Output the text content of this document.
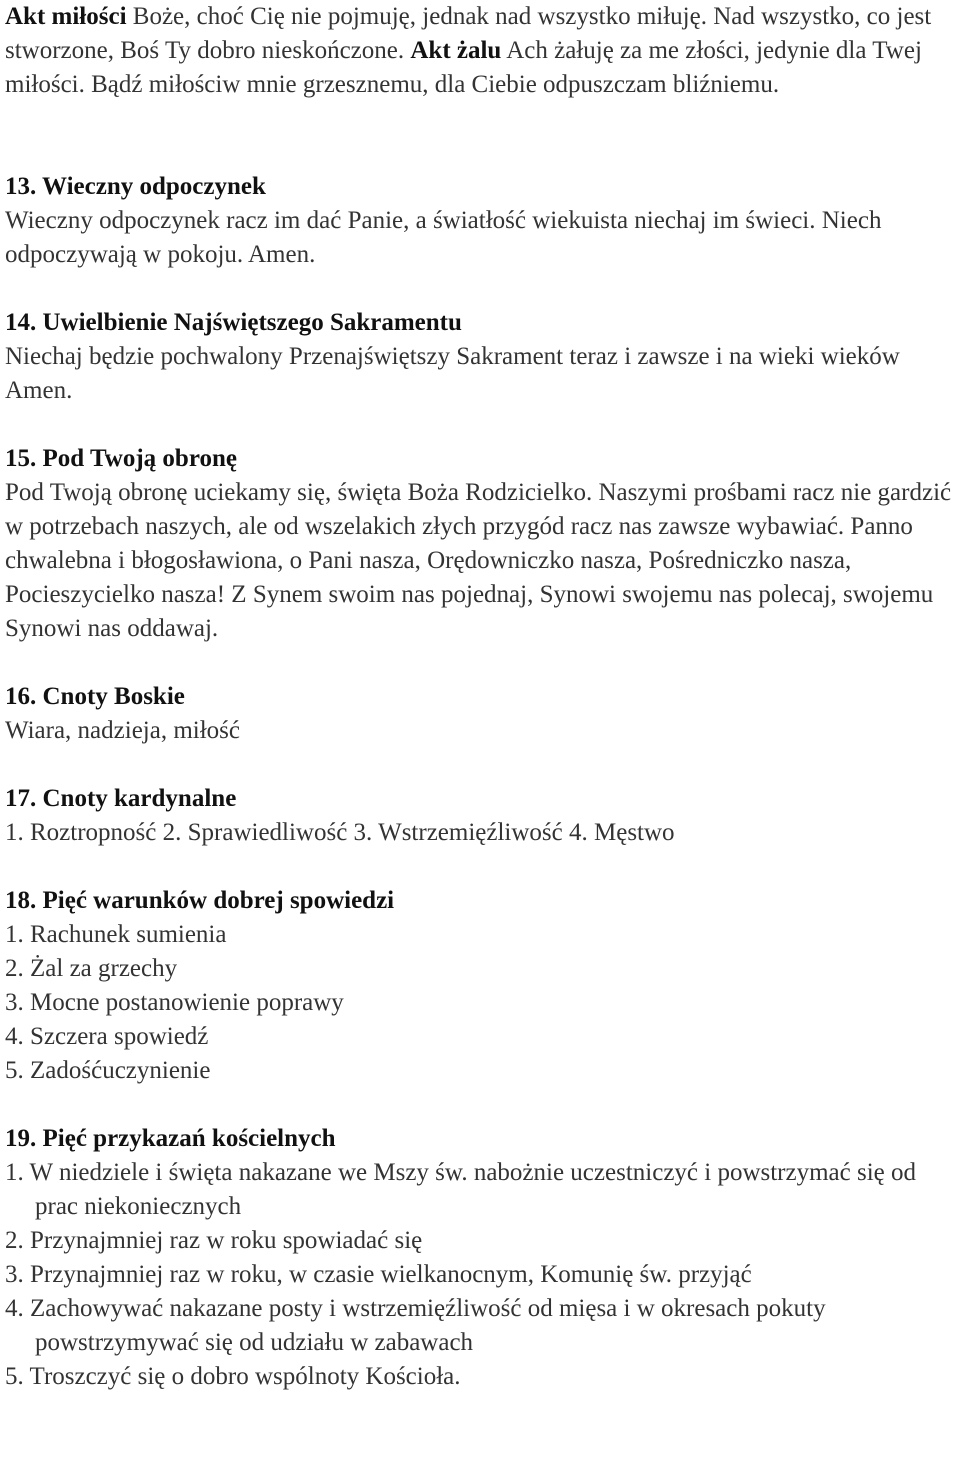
Akt miłości Boże, choć Cię nie pojmuję, jednak nad wszystko miłuję. Nad wszystko, co jest stworzone, Boś Ty dobro nieskończone. Akt żalu Ach żałuję za me złości, jedynie dla Twej miłości. Bądź miłościw mnie grzesznemu, dla Ciebie odpuszczam bliźniemu.

13. Wieczny odpoczynek
Wieczny odpoczynek racz im dać Panie, a światłość wiekuista niechaj im świeci. Niech odpoczywają w pokoju. Amen.
14. Uwielbienie Najświętszego Sakramentu
Niechaj będzie pochwalony Przenajświętszy Sakrament teraz i zawsze i na wieki wieków Amen.
15. Pod Twoją obronę
Pod Twoją obronę uciekamy się, święta Boża Rodzicielko. Naszymi prośbami racz nie gardzić w potrzebach naszych, ale od wszelakich złych przygód racz nas zawsze wybawiać. Panno chwalebna i błogosławiona, o Pani nasza, Orędowniczko nasza, Pośredniczko nasza, Pocieszycielko nasza! Z Synem swoim nas pojednaj, Synowi swojemu nas polecaj, swojemu Synowi nas oddawaj.
16. Cnoty Boskie
Wiara, nadzieja, miłość
17. Cnoty kardynalne
1. Roztropność 2. Sprawiedliwość 3. Wstrzemięźliwość 4. Męstwo
18. Pięć warunków dobrej spowiedzi
1. Rachunek sumienia
2. Żal za grzechy
3. Mocne postanowienie poprawy
4. Szczera spowiedź
5. Zadośćuczynienie
19. Pięć przykazań kościelnych
1. W niedziele i święta nakazane we Mszy św. nabożnie uczestniczyć i powstrzymać się od prac niekoniecznych
2. Przynajmniej raz w roku spowiadać się
3. Przynajmniej raz w roku, w czasie wielkanocnym, Komunię św. przyjąć
4. Zachowywać nakazane posty i wstrzemięźliwość od mięsa i w okresach pokuty powstrzymywać się od udziału w zabawach
5. Troszczyć się o dobro wspólnoty Kościoła.
